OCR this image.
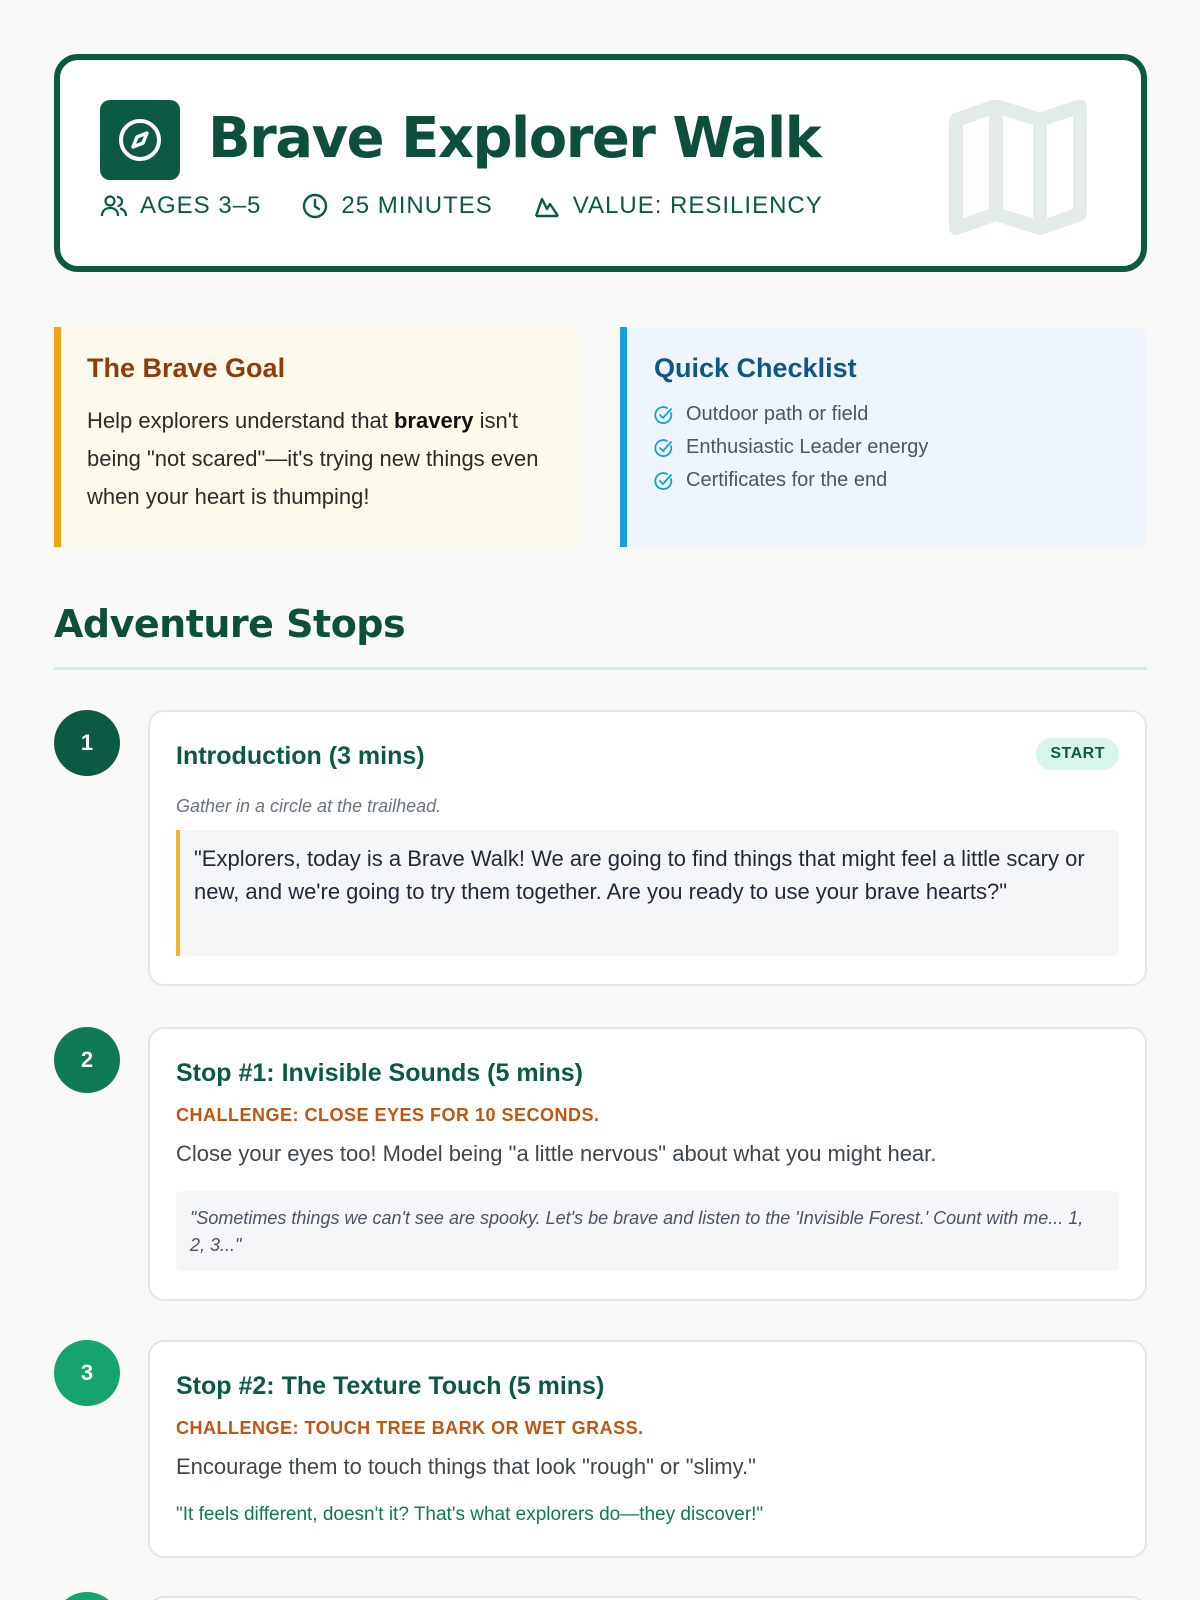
Brave Explorer Walk
AGES 3–5	25 MINUTES	VALUE: RESILIENCY
The Brave Goal

Help explorers understand that bravery isn't being "not scared"—it's trying new things even when your heart is thumping!

Quick Checklist
Outdoor path or field
Enthusiastic Leader energy
Certificates for the end
Adventure Stops
1	Introduction (3 mins)	START
Gather in a circle at the trailhead.
"Explorers, today is a Brave Walk! We are going to find things that might feel a little scary or new, and we're going to try them together. Are you ready to use your brave hearts?"
2	Stop #1: Invisible Sounds (5 mins)
CHALLENGE: CLOSE EYES FOR 10 SECONDS.
Close your eyes too! Model being "a little nervous" about what you might hear.
"Sometimes things we can't see are spooky. Let's be brave and listen to the 'Invisible Forest.' Count with me... 1, 2, 3..."
3	Stop #2: The Texture Touch (5 mins)
CHALLENGE: TOUCH TREE BARK OR WET GRASS.
Encourage them to touch things that look "rough" or "slimy."
"It feels different, doesn't it? That's what explorers do—they discover!"
